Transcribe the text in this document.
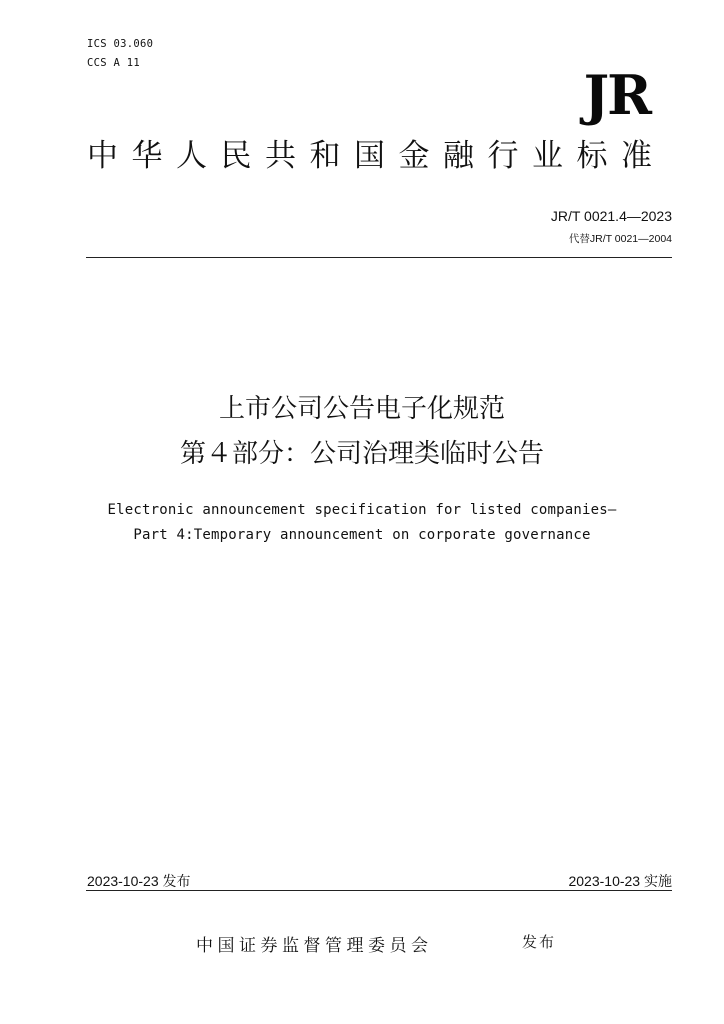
ICS 03.060
CCS A 11	JR
中华人民共和国金融行业标准
JR/T 0021.4—2023
代替JR/T 0021—2004
上市公司公告电子化规范
第４部分：公司治理类临时公告
Electronic announcement specification for listed companies—
Part 4:Temporary announcement on corporate governance
2023-10-23 发布	2023-10-23 实施
中国证券监督管理委员会	发布
